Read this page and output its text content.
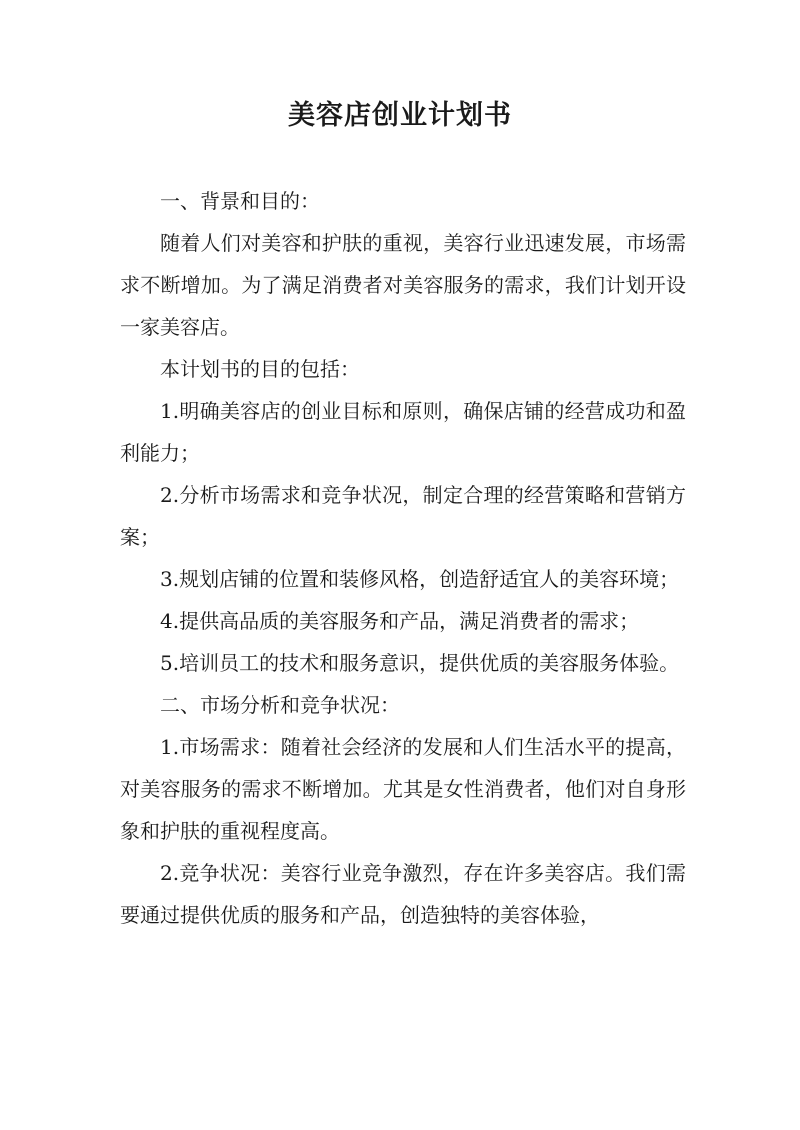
美容店创业计划书

一、背景和目的：

随着人们对美容和护肤的重视，美容行业迅速发展，市场需求不断增加。为了满足消费者对美容服务的需求，我们计划开设一家美容店。

本计划书的目的包括：

1.明确美容店的创业目标和原则，确保店铺的经营成功和盈利能力；

2.分析市场需求和竞争状况，制定合理的经营策略和营销方案；

3.规划店铺的位置和装修风格，创造舒适宜人的美容环境；

4.提供高品质的美容服务和产品，满足消费者的需求；

5.培训员工的技术和服务意识，提供优质的美容服务体验。

二、市场分析和竞争状况：

1.市场需求：随着社会经济的发展和人们生活水平的提高，对美容服务的需求不断增加。尤其是女性消费者，他们对自身形象和护肤的重视程度高。

2.竞争状况：美容行业竞争激烈，存在许多美容店。我们需要通过提供优质的服务和产品，创造独特的美容体验，
